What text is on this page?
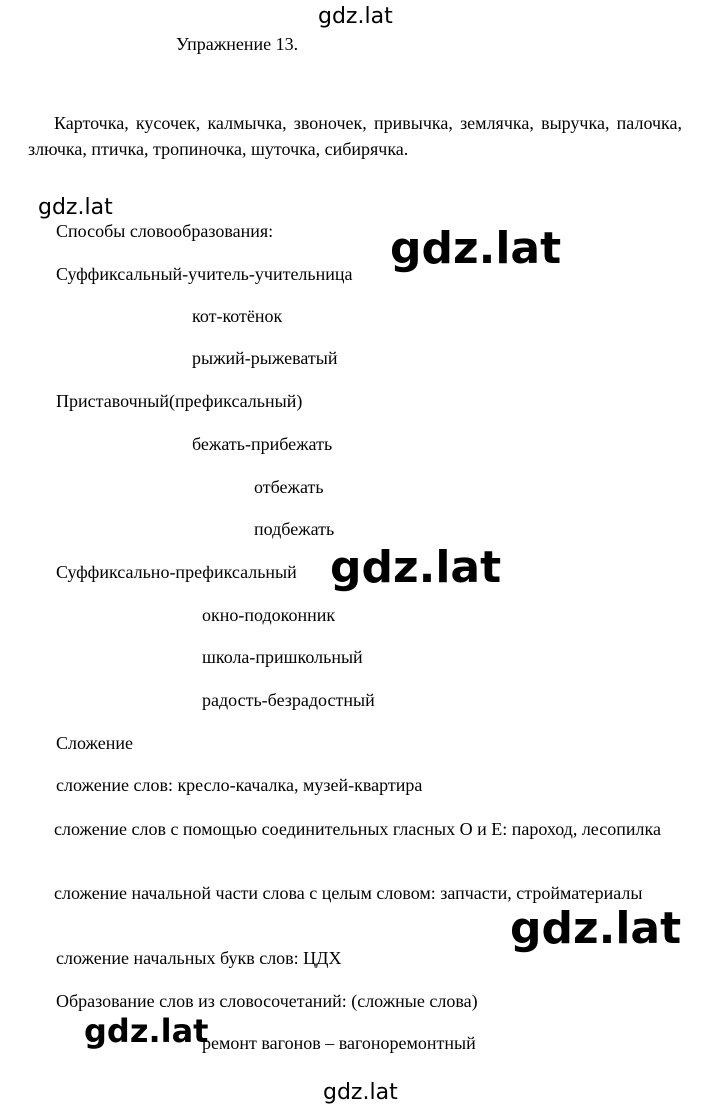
gdz.lat

Упражнение 13.

Карточка, кусочек, калмычка, звоночек, привычка, землячка, выручка, палочка, злючка, птичка, тропиночка, шуточка, сибирячка.

gdz.lat

Способы словообразования:	gdz.lat

Суффиксальный-учитель-учительница

кот-котёнок

рыжий-рыжеватый

Приставочный(префиксальный)

бежать-прибежать

отбежать

подбежать

Суффиксально-префиксальный gdz.lat

окно-подоконник

школа-пришкольный

радость-безрадостный

Сложение

сложение слов: кресло-качалка, музей-квартира

сложение слов с помощью соединительных гласных О и Е: пароход, лесопилка

сложение начальной части слова с целым словом: запчасти, стройматериалы

gdz.lat

сложение начальных букв слов: ЦДХ

Образование слов из словосочетаний: (сложные слова)

gdz.lat

ремонт вагонов – вагоноремонтный

gdz.lat
